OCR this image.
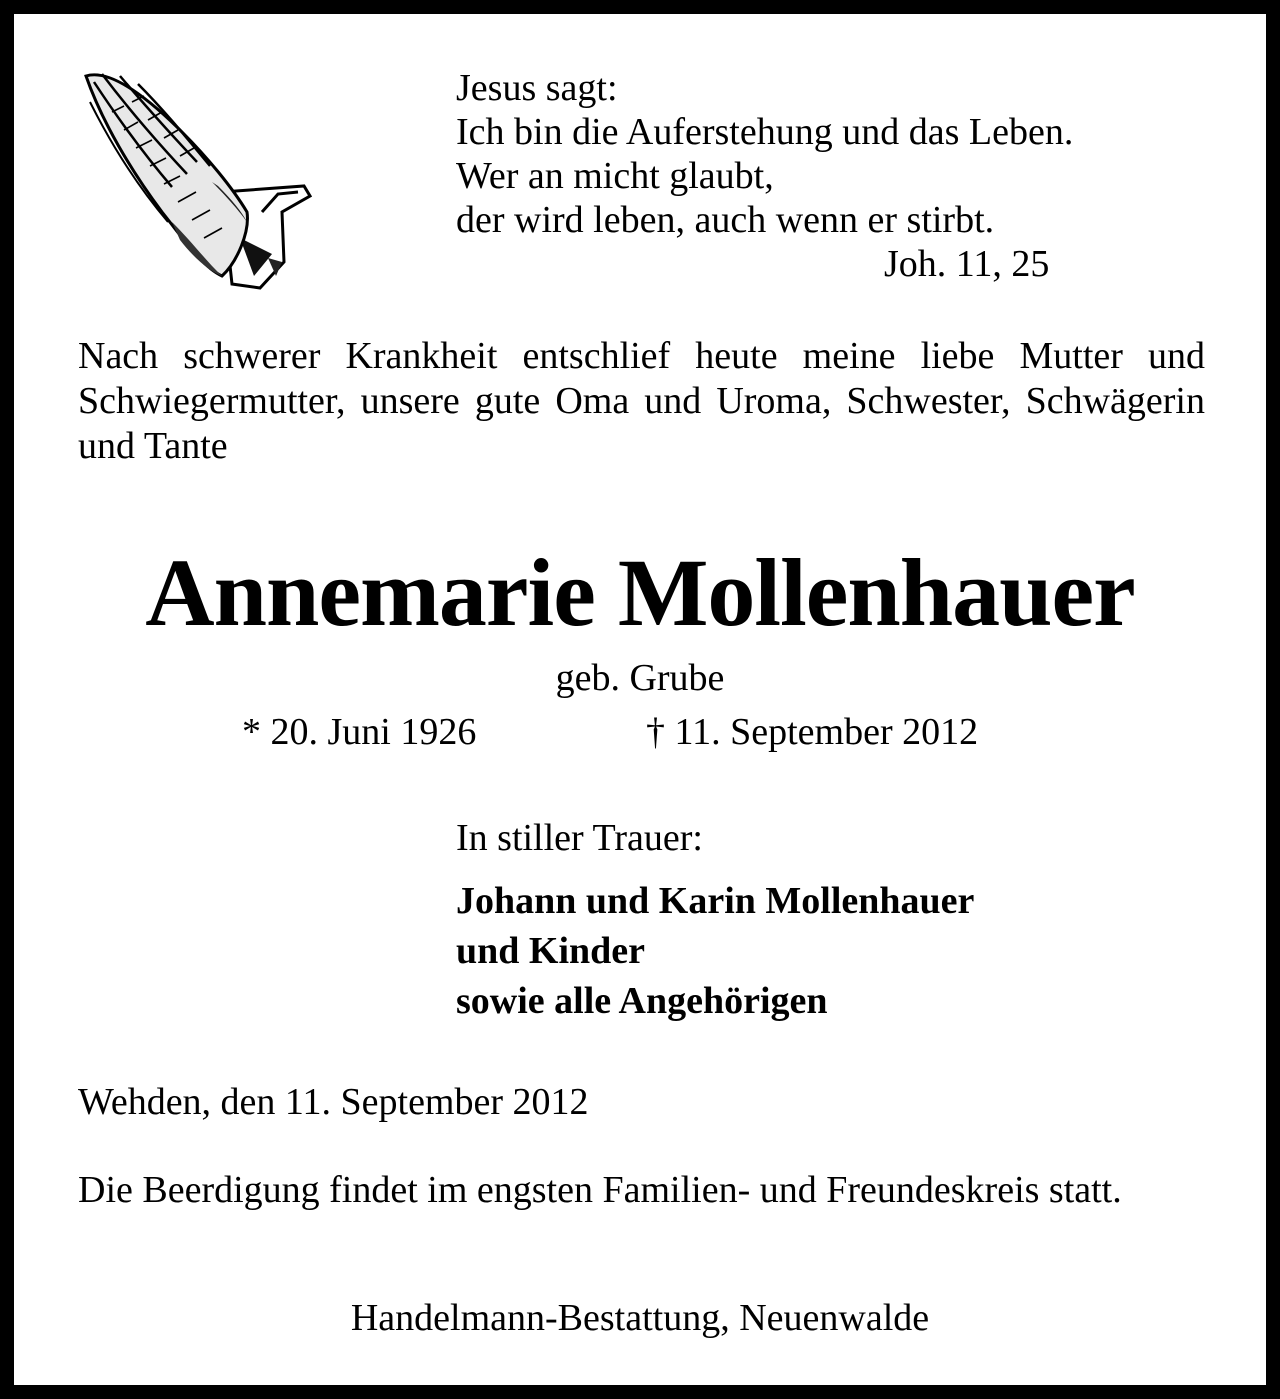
Jesus sagt:
Ich bin die Auferstehung und das Leben.
Wer an micht glaubt,
der wird leben, auch wenn er stirbt.
Joh. 11, 25
Nach schwerer Krankheit entschlief heute meine liebe Mutter und Schwiegermutter, unsere gute Oma und Uroma, Schwester, Schwägerin und Tante
Annemarie Mollenhauer
geb. Grube
* 20. Juni 1926	† 11. September 2012
In stiller Trauer:
Johann und Karin Mollenhauer
und Kinder
sowie alle Angehörigen
Wehden, den 11. September 2012
Die Beerdigung findet im engsten Familien- und Freundeskreis statt.
Handelmann-Bestattung, Neuenwalde
